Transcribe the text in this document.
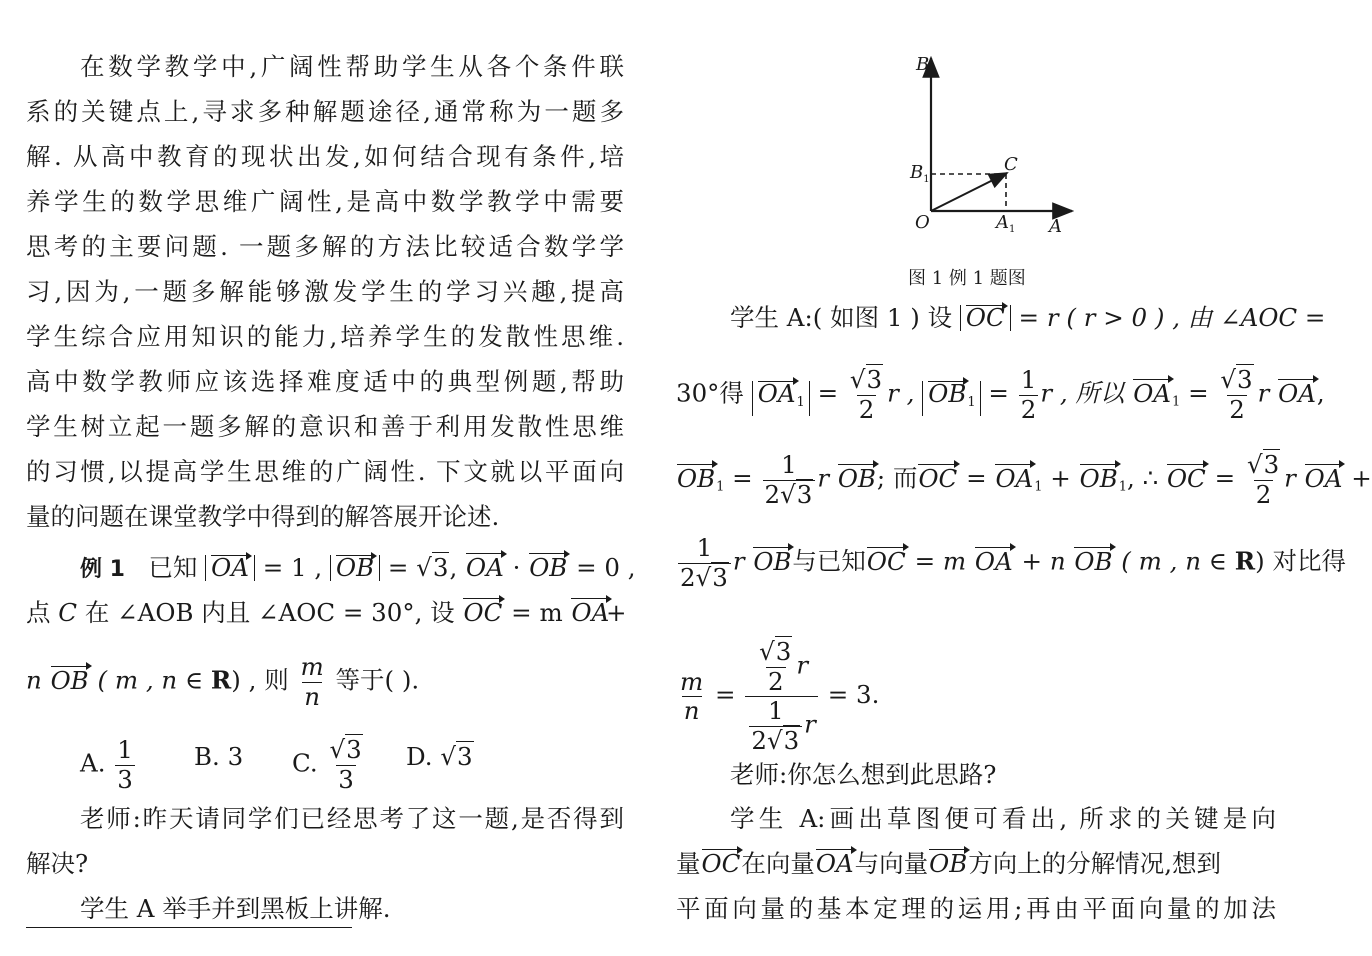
在数学教学中,广阔性帮助学生从各个条件联
系的关键点上,寻求多种解题途径,通常称为一题多
解. 从高中教育的现状出发,如何结合现有条件,培
养学生的数学思维广阔性,是高中数学教学中需要
思考的主要问题. 一题多解的方法比较适合数学学
习,因为,一题多解能够激发学生的学习兴趣,提高
学生综合应用知识的能力,培养学生的发散性思维.
高中数学教师应该选择难度适中的典型例题,帮助
学生树立起一题多解的意识和善于利用发散性思维
的习惯,以提高学生思维的广阔性. 下文就以平面向
量的问题在课堂教学中得到的解答展开论述.
例 1 已知 OA = 1 , OB = √3,
OA · OB = 0 ,
点 C 在 ∠AOB 内且 ∠AOC = 30°, 设 OC = m OA
+
n OB ( m , n ∈ R) , 则 $\frac{m}{n}$ 等于( ).
A. $\frac{1}{3} B$. 3 C. $\frac{√3}{3} D$. √3
老师:昨天请同学们已经思考了这一题,是否得到
解决?
学生 A 举手并到黑板上讲解.
B
$B_1$
C
O	$A_1$ A
图 1 例 1 题图
学生 A:( 如图 1 ) 设 OC = r ( r > 0 ) , 由 ∠AOC =
30°得 $OA_1 = \frac{√3}{2}$ r , $OB_1 = \frac{1}{2}$ r , 所以 $OA_1 = \frac{√3}{2}$ r OA,
$OB_1 = \frac{1}{2√3}$ r OB; 而
OC = $OA_1 + OB_1$, ∴ OC = $\frac{√3}{2}$ r OA +
$\frac{1}{2√3}$ r OB与已知
OC = m OA + n OB ( m , n ∈ R) 对比得
$\frac{m}{n} = \frac{\frac{√3}{2} r}{\frac{1}{2√3} r} = 3$.
老师:你怎么想到此思路?
学生 A:画出草图便可看出, 所求的关键是向
量
OC在向量
OA与向量
OB方向上的分解情况,想到
平面向量的基本定理的运用;再由平面向量的加法
